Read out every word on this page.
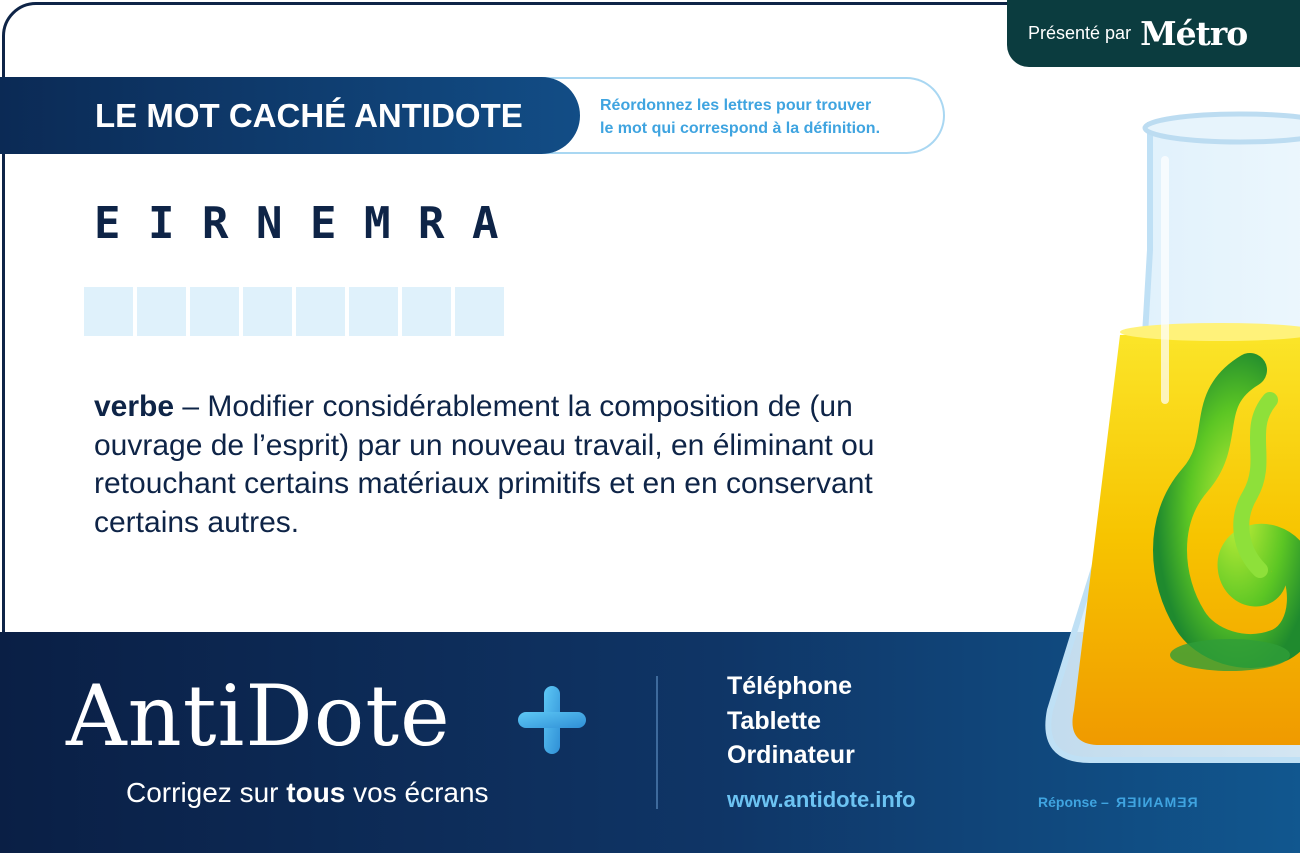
Présenté par Métro
LE MOT CACHÉ ANTIDOTE	Réordonnez les lettres pour trouver
le mot qui correspond à la définition.
E I R N E M R A
verbe – Modifier considérablement la composition de (un
ouvrage de l’esprit) par un nouveau travail, en éliminant ou
retouchant certains matériaux primitifs et en en conservant
certains autres.
AntiDote
Corrigez sur tous vos écrans
Téléphone
Tablette
Ordinateur
www.antidote.info	Réponse – REMANIER
